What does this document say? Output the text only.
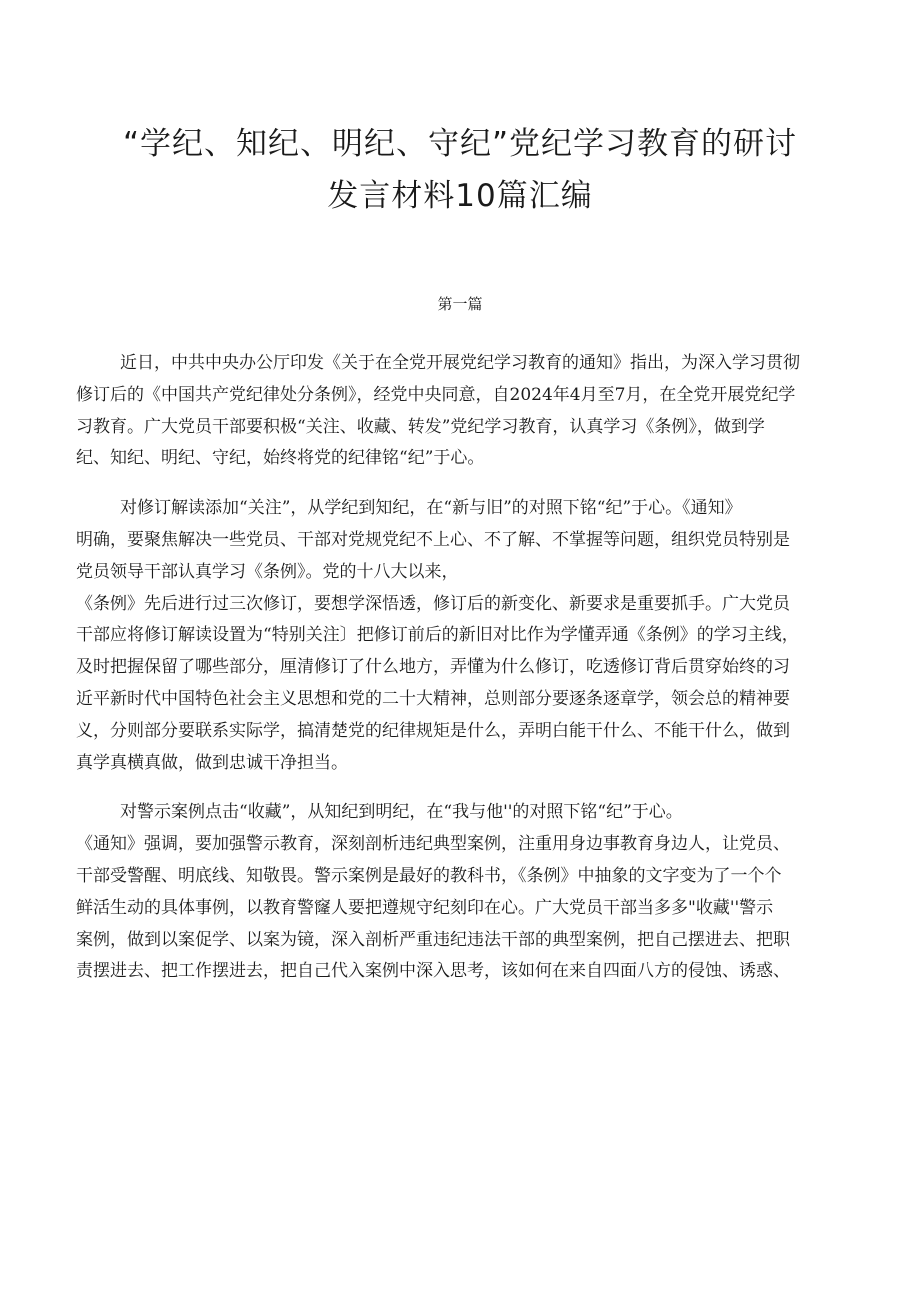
“学纪、知纪、明纪、守纪”党纪学习教育的研讨
发言材料10篇汇编
第一篇
近日，中共中央办公厅印发《关于在全党开展党纪学习教育的通知》指出，为深入学习贯彻
修订后的《中国共产党纪律处分条例》，经党中央同意，自2024年4月至7月，在全党开展党纪学
习教育。广大党员干部要积极“关注、收藏、转发”党纪学习教育，认真学习《条例》，做到学
纪、知纪、明纪、守纪，始终将党的纪律铭“纪”于心。
对修订解读添加“关注”，从学纪到知纪，在“新与旧”的对照下铭“纪”于心。《通知》
明确，要聚焦解决一些党员、干部对党规党纪不上心、不了解、不掌握等问题，组织党员特别是
党员领导干部认真学习《条例》。党的十八大以来，
《条例》先后进行过三次修订，要想学深悟透，修订后的新变化、新要求是重要抓手。广大党员
干部应将修订解读设置为“特别关注〕把修订前后的新旧对比作为学懂弄通《条例》的学习主线，
及时把握保留了哪些部分，厘清修订了什么地方，弄懂为什么修订，吃透修订背后贯穿始终的习
近平新时代中国特色社会主义思想和党的二十大精神，总则部分要逐条逐章学，领会总的精神要
义，分则部分要联系实际学，搞清楚党的纪律规矩是什么，弄明白能干什么、不能干什么，做到
真学真横真做，做到忠诚干净担当。
对警示案例点击“收藏”，从知纪到明纪，在“我与他''的对照下铭“纪”于心。
《通知》强调，要加强警示教育，深刻剖析违纪典型案例，注重用身边事教育身边人，让党员、
干部受警醒、明底线、知敬畏。警示案例是最好的教科书，《条例》中抽象的文字变为了一个个
鲜活生动的具体事例，以教育警窿人要把遵规守纪刻印在心。广大党员干部当多多"收藏''警示
案例，做到以案促学、以案为镜，深入剖析严重违纪违法干部的典型案例，把自己摆进去、把职
责摆进去、把工作摆进去，把自己代入案例中深入思考，该如何在来自四面八方的侵蚀、诱惑、
